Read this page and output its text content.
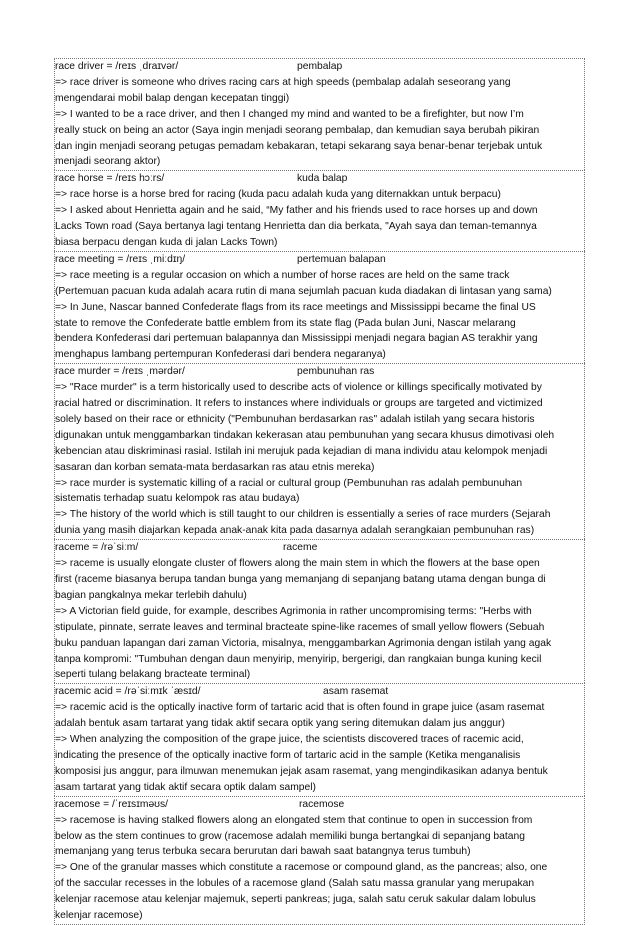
race driver = /reɪs ˌdraɪvər/	pembalap
=> race driver is someone who drives racing cars at high speeds (pembalap adalah seseorang yang
mengendarai mobil balap dengan kecepatan tinggi)
=> I wanted to be a race driver, and then I changed my mind and wanted to be a firefighter, but now I’m
really stuck on being an actor (Saya ingin menjadi seorang pembalap, dan kemudian saya berubah pikiran
dan ingin menjadi seorang petugas pemadam kebakaran, tetapi sekarang saya benar-benar terjebak untuk
menjadi seorang aktor)
race horse = /reɪs hɔːrs/	kuda balap
=> race horse is a horse bred for racing (kuda pacu adalah kuda yang diternakkan untuk berpacu)
=> I asked about Henrietta again and he said, “My father and his friends used to race horses up and down
Lacks Town road (Saya bertanya lagi tentang Henrietta dan dia berkata, "Ayah saya dan teman-temannya
biasa berpacu dengan kuda di jalan Lacks Town)
race meeting = /reɪs ˌmiːdɪŋ/	pertemuan balapan
=> race meeting is a regular occasion on which a number of horse races are held on the same track
(Pertemuan pacuan kuda adalah acara rutin di mana sejumlah pacuan kuda diadakan di lintasan yang sama)
=> In June, Nascar banned Confederate flags from its race meetings and Mississippi became the final US
state to remove the Confederate battle emblem from its state flag (Pada bulan Juni, Nascar melarang
bendera Konfederasi dari pertemuan balapannya dan Mississippi menjadi negara bagian AS terakhir yang
menghapus lambang pertempuran Konfederasi dari bendera negaranya)
race murder = /reɪs ˌmərdər/	pembunuhan ras
=> "Race murder" is a term historically used to describe acts of violence or killings specifically motivated by
racial hatred or discrimination. It refers to instances where individuals or groups are targeted and victimized
solely based on their race or ethnicity ("Pembunuhan berdasarkan ras" adalah istilah yang secara historis
digunakan untuk menggambarkan tindakan kekerasan atau pembunuhan yang secara khusus dimotivasi oleh
kebencian atau diskriminasi rasial. Istilah ini merujuk pada kejadian di mana individu atau kelompok menjadi
sasaran dan korban semata-mata berdasarkan ras atau etnis mereka)
=> race murder is systematic killing of a racial or cultural group (Pembunuhan ras adalah pembunuhan
sistematis terhadap suatu kelompok ras atau budaya)
=> The history of the world which is still taught to our children is essentially a series of race murders (Sejarah
dunia yang masih diajarkan kepada anak-anak kita pada dasarnya adalah serangkaian pembunuhan ras)
raceme = /rəˈsiːm/	raceme
=> raceme is usually elongate cluster of flowers along the main stem in which the flowers at the base open
first (raceme biasanya berupa tandan bunga yang memanjang di sepanjang batang utama dengan bunga di
bagian pangkalnya mekar terlebih dahulu)
=> A Victorian field guide, for example, describes Agrimonia in rather uncompromising terms: "Herbs with
stipulate, pinnate, serrate leaves and terminal bracteate spine-like racemes of small yellow flowers (Sebuah
buku panduan lapangan dari zaman Victoria, misalnya, menggambarkan Agrimonia dengan istilah yang agak
tanpa kompromi: "Tumbuhan dengan daun menyirip, menyirip, bergerigi, dan rangkaian bunga kuning kecil
seperti tulang belakang bracteate terminal)
racemic acid = /rəˈsiːmɪk ˈæsɪd/	asam rasemat
=> racemic acid is the optically inactive form of tartaric acid that is often found in grape juice (asam rasemat
adalah bentuk asam tartarat yang tidak aktif secara optik yang sering ditemukan dalam jus anggur)
=> When analyzing the composition of the grape juice, the scientists discovered traces of racemic acid,
indicating the presence of the optically inactive form of tartaric acid in the sample (Ketika menganalisis
komposisi jus anggur, para ilmuwan menemukan jejak asam rasemat, yang mengindikasikan adanya bentuk
asam tartarat yang tidak aktif secara optik dalam sampel)
racemose = /ˈreɪsɪməʊs/	racemose
=> racemose is having stalked flowers along an elongated stem that continue to open in succession from
below as the stem continues to grow (racemose adalah memiliki bunga bertangkai di sepanjang batang
memanjang yang terus terbuka secara berurutan dari bawah saat batangnya terus tumbuh)
=> One of the granular masses which constitute a racemose or compound gland, as the pancreas; also, one
of the saccular recesses in the lobules of a racemose gland (Salah satu massa granular yang merupakan
kelenjar racemose atau kelenjar majemuk, seperti pankreas; juga, salah satu ceruk sakular dalam lobulus
kelenjar racemose)
